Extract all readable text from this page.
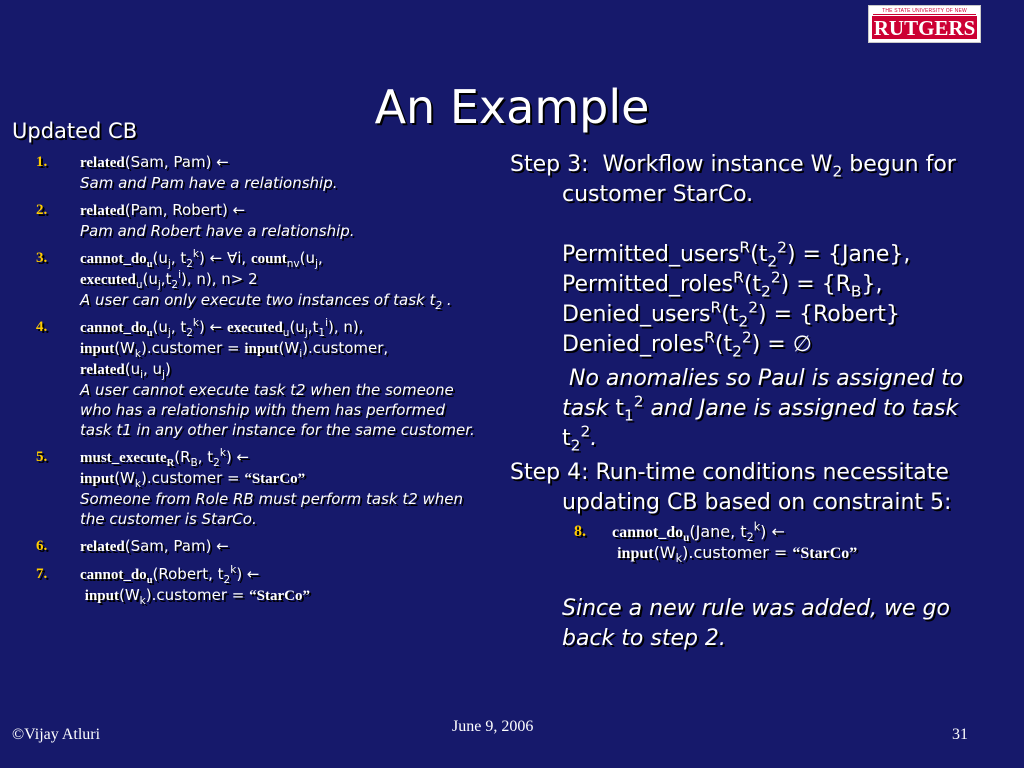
THE STATE UNIVERSITY OF NEW
RUTGERS
An Example
Updated CB
1. related(Sam, Pam) ←
Sam and Pam have a relationship.
2. related(Pam, Robert) ←
Pam and Robert have a relationship.
3. $cannot\_do_u(u_j$, $t_2^k$) ← ∀i, $count_{nv}(u_j$,
$executed_u(u_j,t_2^i)$, n), n> 2
A user can only execute two instances of task $t_2$ .
4. $cannot\_do_u(u_j$, $t_2^k$) ← $executed_u(u_j,t_1^i)$, n),
$input(W_k).customer$ = $input(W_i).customer$,
$related(u_i$, $u_j$)
A user cannot execute task t2 when the someone who has a relationship with them has performed task t1 in any other instance for the same customer.
5. $must\_execute_R(R_B$, $t_2^k$) ←
$input(W_k).customer$ = “StarCo”
Someone from Role RB must perform task t2 when the customer is StarCo.
6. related(Sam, Pam) ←
7. $cannot\_do_u(Robert$, $t_2^k$) ←
$input(W_k).customer$ = “StarCo”
Step 3:  Workflow instance $W_2$ begun for customer StarCo.
$Permitted\_users^R(t_2^2)$ = {Jane},
$Permitted\_roles^R(t_2^2) = \{R_B\}$,
$Denied\_users^R(t_2^2)$ = {Robert}
$Denied\_roles^R(t_2^2)$ = ∅
No anomalies so Paul is assigned to task $t_1^2$ and Jane is assigned to task $t_2^2$.
Step 4: Run-time conditions necessitate updating CB based on constraint 5:
8. $cannot\_do_u(Jane$, $t_2^k$) ←
$input(W_k).customer$ = “StarCo”
Since a new rule was added, we go back to step 2.
©Vijay Atluri	June 9, 2006	31
